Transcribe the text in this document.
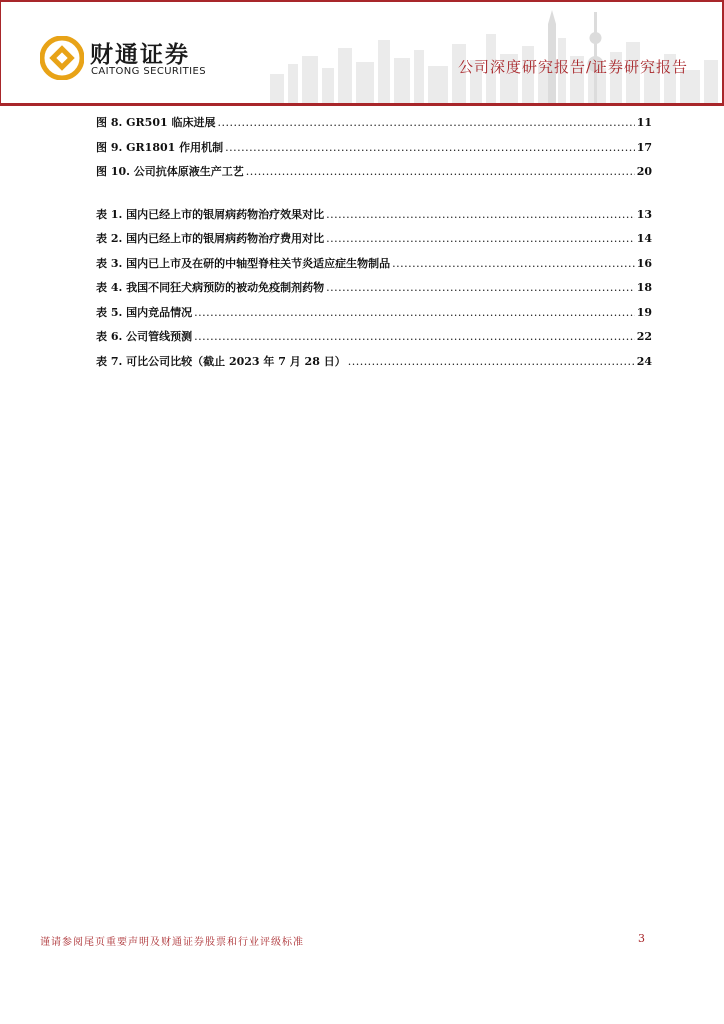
财通证券
CAITONG SECURITIES	公司深度研究报告/证券研究报告
图 8. GR501 临床进展 .....	11
图 9. GR1801 作用机制 .....	17
图 10. 公司抗体原液生产工艺 .....	20
表 1. 国内已经上市的银屑病药物治疗效果对比 .....	13
表 2. 国内已经上市的银屑病药物治疗费用对比 .....	14
表 3. 国内已上市及在研的中轴型脊柱关节炎适应症生物制品 .....	16
表 4. 我国不同狂犬病预防的被动免疫制剂药物 .....	18
表 5. 国内竞品情况 .....	19
表 6. 公司管线预测 .....	22
表 7. 可比公司比较（截止 2023 年 7 月 28 日） .....	24
谨请参阅尾页重要声明及财通证券股票和行业评级标准	3
